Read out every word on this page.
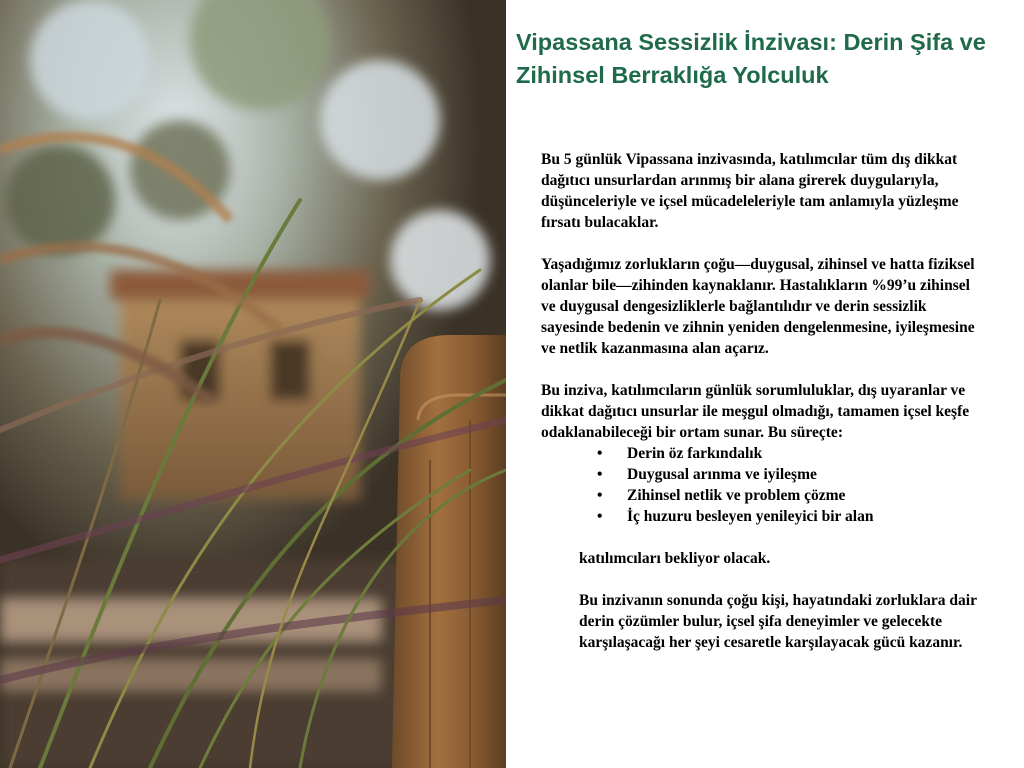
Vipassana Sessizlik İnzivası: Derin Şifa ve Zihinsel Berraklığa Yolculuk

Bu 5 günlük Vipassana inzivasında, katılımcılar tüm dış dikkat dağıtıcı unsurlardan arınmış bir alana girerek duygularıyla, düşünceleriyle ve içsel mücadeleleriyle tam anlamıyla yüzleşme fırsatı bulacaklar.

Yaşadığımız zorlukların çoğu—duygusal, zihinsel ve hatta fiziksel olanlar bile—zihinden kaynaklanır. Hastalıkların %99’u zihinsel ve duygusal dengesizliklerle bağlantılıdır ve derin sessizlik sayesinde bedenin ve zihnin yeniden dengelenmesine, iyileşmesine ve netlik kazanmasına alan açarız.

Bu inziva, katılımcıların günlük sorumluluklar, dış uyaranlar ve dikkat dağıtıcı unsurlar ile meşgul olmadığı, tamamen içsel keşfe odaklanabileceği bir ortam sunar. Bu süreçte:

• Derin öz farkındalık
• Duygusal arınma ve iyileşme
• Zihinsel netlik ve problem çözme
• İç huzuru besleyen yenileyici bir alan

katılımcıları bekliyor olacak.

Bu inzivanın sonunda çoğu kişi, hayatındaki zorluklara dair derin çözümler bulur, içsel şifa deneyimler ve gelecekte karşılaşacağı her şeyi cesaretle karşılayacak gücü kazanır.
